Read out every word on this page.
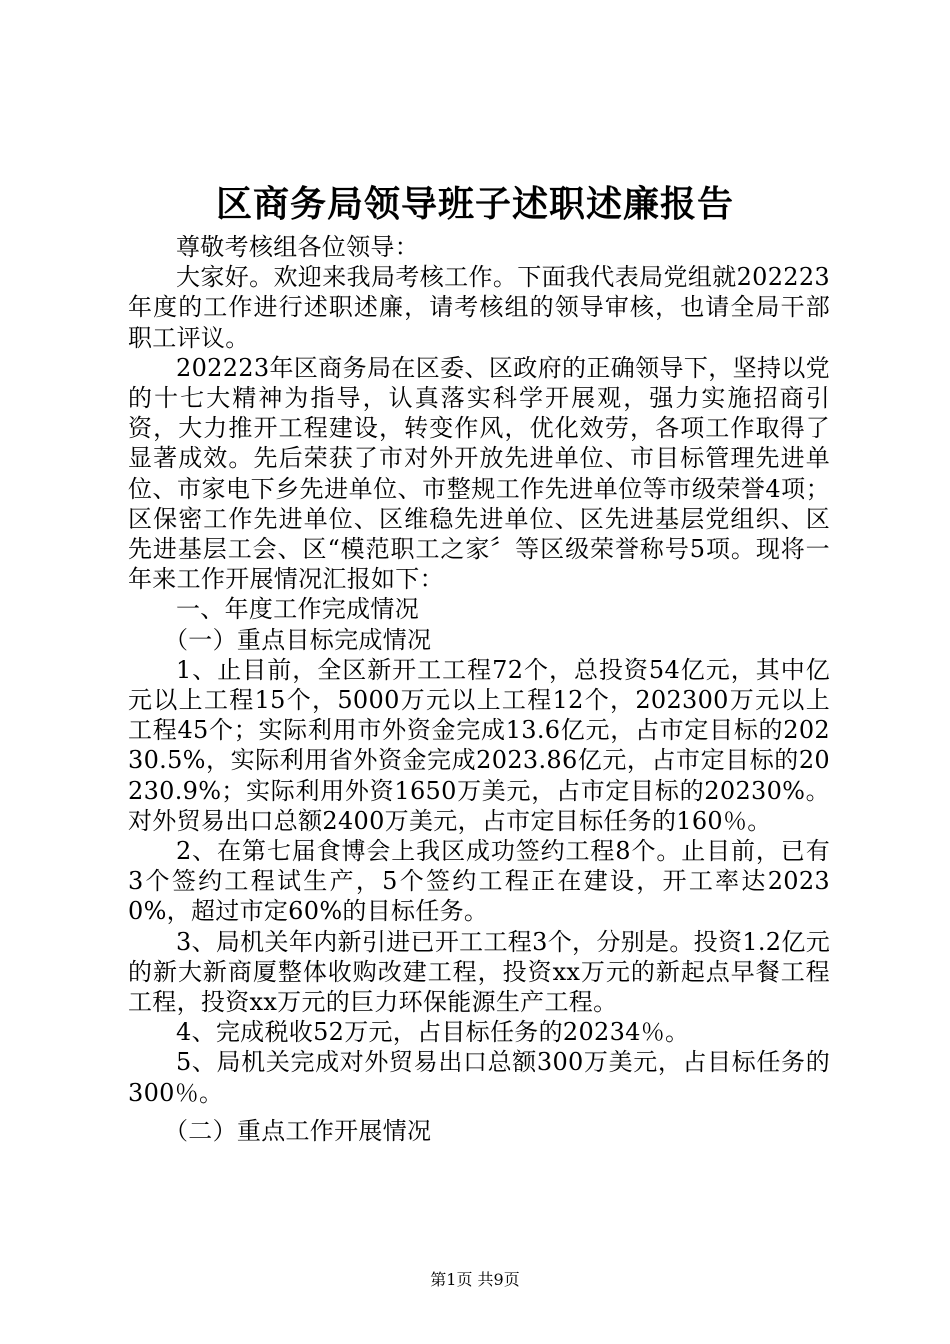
区商务局领导班子述职述廉报告

尊敬考核组各位领导：

大家好。欢迎来我局考核工作。下面我代表局党组就202223年度的工作进行述职述廉，请考核组的领导审核，也请全局干部职工评议。

202223年区商务局在区委、区政府的正确领导下，坚持以党的十七大精神为指导，认真落实科学开展观，强力实施招商引资，大力推开工程建设，转变作风，优化效劳，各项工作取得了显著成效。先后荣获了市对外开放先进单位、市目标管理先进单位、市家电下乡先进单位、市整规工作先进单位等市级荣誉4项；区保密工作先进单位、区维稳先进单位、区先进基层党组织、区先进基层工会、区“模范职工之家〞等区级荣誉称号5项。现将一年来工作开展情况汇报如下：

一、年度工作完成情况

（一）重点目标完成情况

1、止目前，全区新开工工程72个，总投资54亿元，其中亿元以上工程15个，5000万元以上工程12个，202300万元以上工程45个；实际利用市外资金完成13.6亿元，占市定目标的20230.5%，实际利用省外资金完成2023.86亿元，占市定目标的20230.9%；实际利用外资1650万美元，占市定目标的20230%。对外贸易出口总额2400万美元，占市定目标任务的160％。

2、在第七届食博会上我区成功签约工程8个。止目前，已有3个签约工程试生产，5个签约工程正在建设，开工率达20230%，超过市定60%的目标任务。

3、局机关年内新引进已开工工程3个，分别是。投资1.2亿元的新大新商厦整体收购改建工程，投资xx万元的新起点早餐工程工程，投资xx万元的巨力环保能源生产工程。

4、完成税收52万元，占目标任务的20234％。

5、局机关完成对外贸易出口总额300万美元，占目标任务的300％。

（二）重点工作开展情况

第1页 共9页
